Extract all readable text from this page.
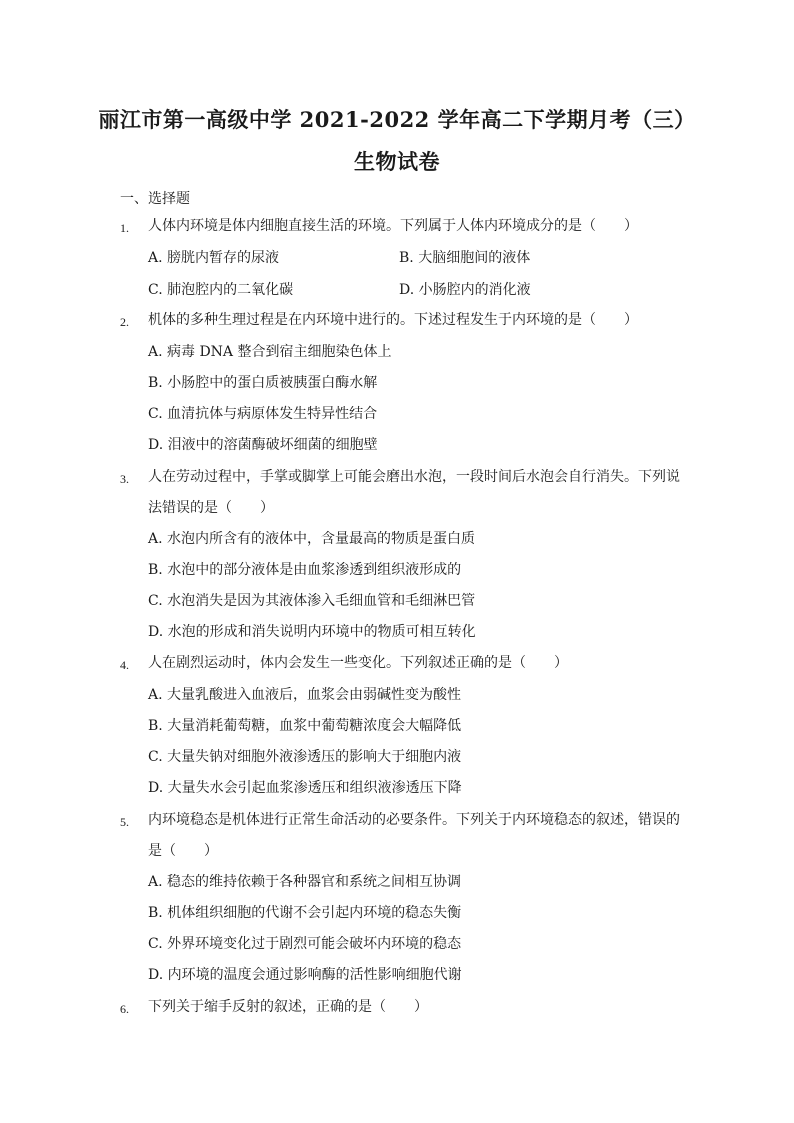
丽江市第一高级中学 2021-2022 学年高二下学期月考（三）
生物试卷
一、选择题
1. 人体内环境是体内细胞直接生活的环境。下列属于人体内环境成分的是（　　）
A. 膀胱内暂存的尿液	B. 大脑细胞间的液体
C. 肺泡腔内的二氧化碳	D. 小肠腔内的消化液
2. 机体的多种生理过程是在内环境中进行的。下述过程发生于内环境的是（　　）
A. 病毒 DNA 整合到宿主细胞染色体上
B. 小肠腔中的蛋白质被胰蛋白酶水解
C. 血清抗体与病原体发生特异性结合
D. 泪液中的溶菌酶破坏细菌的细胞壁
3. 人在劳动过程中，手掌或脚掌上可能会磨出水泡，一段时间后水泡会自行消失。下列说
法错误的是（　　）
A. 水泡内所含有的液体中，含量最高的物质是蛋白质
B. 水泡中的部分液体是由血浆渗透到组织液形成的
C. 水泡消失是因为其液体渗入毛细血管和毛细淋巴管
D. 水泡的形成和消失说明内环境中的物质可相互转化
4. 人在剧烈运动时，体内会发生一些变化。下列叙述正确的是（　　）
A. 大量乳酸进入血液后，血浆会由弱碱性变为酸性
B. 大量消耗葡萄糖，血浆中葡萄糖浓度会大幅降低
C. 大量失钠对细胞外液渗透压的影响大于细胞内液
D. 大量失水会引起血浆渗透压和组织液渗透压下降
5. 内环境稳态是机体进行正常生命活动的必要条件。下列关于内环境稳态的叙述，错误的
是（　　）
A. 稳态的维持依赖于各种器官和系统之间相互协调
B. 机体组织细胞的代谢不会引起内环境的稳态失衡
C. 外界环境变化过于剧烈可能会破坏内环境的稳态
D. 内环境的温度会通过影响酶的活性影响细胞代谢
6. 下列关于缩手反射的叙述，正确的是（　　）
